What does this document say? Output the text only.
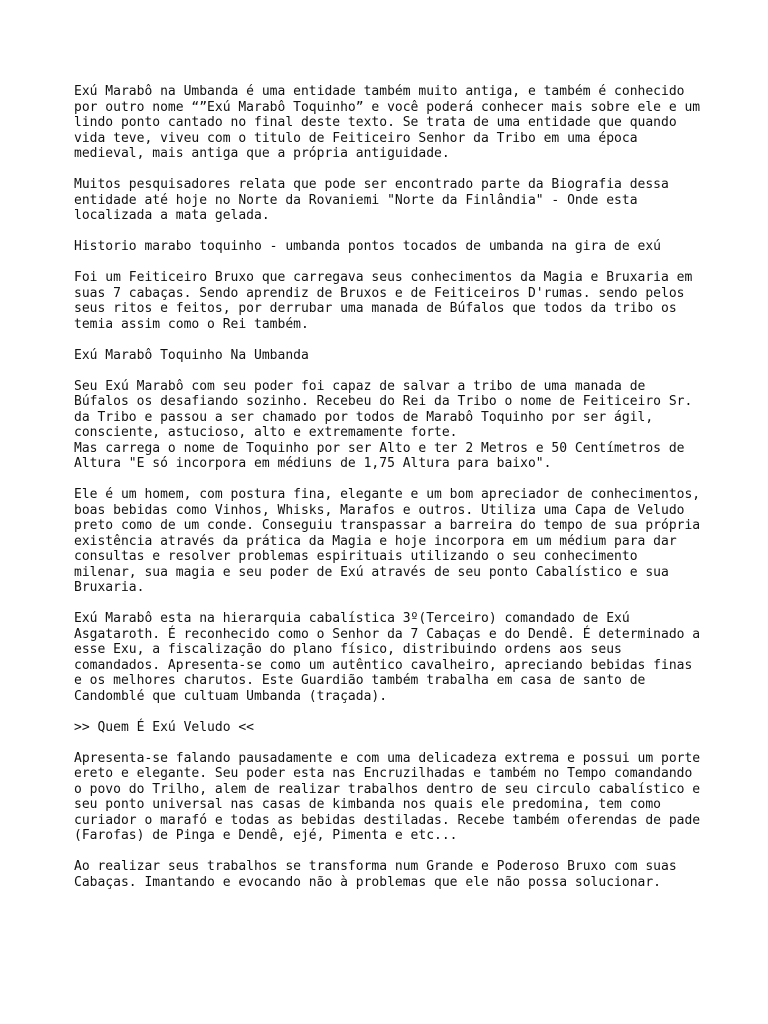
Exú Marabô na Umbanda é uma entidade também muito antiga, e também é conhecido
por outro nome “”Exú Marabô Toquinho” e você poderá conhecer mais sobre ele e um
lindo ponto cantado no final deste texto. Se trata de uma entidade que quando
vida teve, viveu com o titulo de Feiticeiro Senhor da Tribo em uma época
medieval, mais antiga que a própria antiguidade.

Muitos pesquisadores relata que pode ser encontrado parte da Biografia dessa
entidade até hoje no Norte da Rovaniemi "Norte da Finlândia" - Onde esta
localizada a mata gelada.

Historio marabo toquinho - umbanda pontos tocados de umbanda na gira de exú

Foi um Feiticeiro Bruxo que carregava seus conhecimentos da Magia e Bruxaria em
suas 7 cabaças. Sendo aprendiz de Bruxos e de Feiticeiros D'rumas. sendo pelos
seus ritos e feitos, por derrubar uma manada de Búfalos que todos da tribo os
temia assim como o Rei também.

Exú Marabô Toquinho Na Umbanda

Seu Exú Marabô com seu poder foi capaz de salvar a tribo de uma manada de
Búfalos os desafiando sozinho. Recebeu do Rei da Tribo o nome de Feiticeiro Sr.
da Tribo e passou a ser chamado por todos de Marabô Toquinho por ser ágil,
consciente, astucioso, alto e extremamente forte.
Mas carrega o nome de Toquinho por ser Alto e ter 2 Metros e 50 Centímetros de
Altura "E só incorpora em médiuns de 1,75 Altura para baixo".

Ele é um homem, com postura fina, elegante e um bom apreciador de conhecimentos,
boas bebidas como Vinhos, Whisks, Marafos e outros. Utiliza uma Capa de Veludo
preto como de um conde. Conseguiu transpassar a barreira do tempo de sua própria
existência através da prática da Magia e hoje incorpora em um médium para dar
consultas e resolver problemas espirituais utilizando o seu conhecimento
milenar, sua magia e seu poder de Exú através de seu ponto Cabalístico e sua
Bruxaria.

Exú Marabô esta na hierarquia cabalística 3º(Terceiro) comandado de Exú
Asgataroth. É reconhecido como o Senhor da 7 Cabaças e do Dendê. É determinado a
esse Exu, a fiscalização do plano físico, distribuindo ordens aos seus
comandados. Apresenta-se como um autêntico cavalheiro, apreciando bebidas finas
e os melhores charutos. Este Guardião também trabalha em casa de santo de
Candomblé que cultuam Umbanda (traçada).

>> Quem É Exú Veludo <<

Apresenta-se falando pausadamente e com uma delicadeza extrema e possui um porte
ereto e elegante. Seu poder esta nas Encruzilhadas e também no Tempo comandando
o povo do Trilho, alem de realizar trabalhos dentro de seu circulo cabalístico e
seu ponto universal nas casas de kimbanda nos quais ele predomina, tem como
curiador o marafó e todas as bebidas destiladas. Recebe também oferendas de pade
(Farofas) de Pinga e Dendê, ejé, Pimenta e etc...

Ao realizar seus trabalhos se transforma num Grande e Poderoso Bruxo com suas
Cabaças. Imantando e evocando não à problemas que ele não possa solucionar.
